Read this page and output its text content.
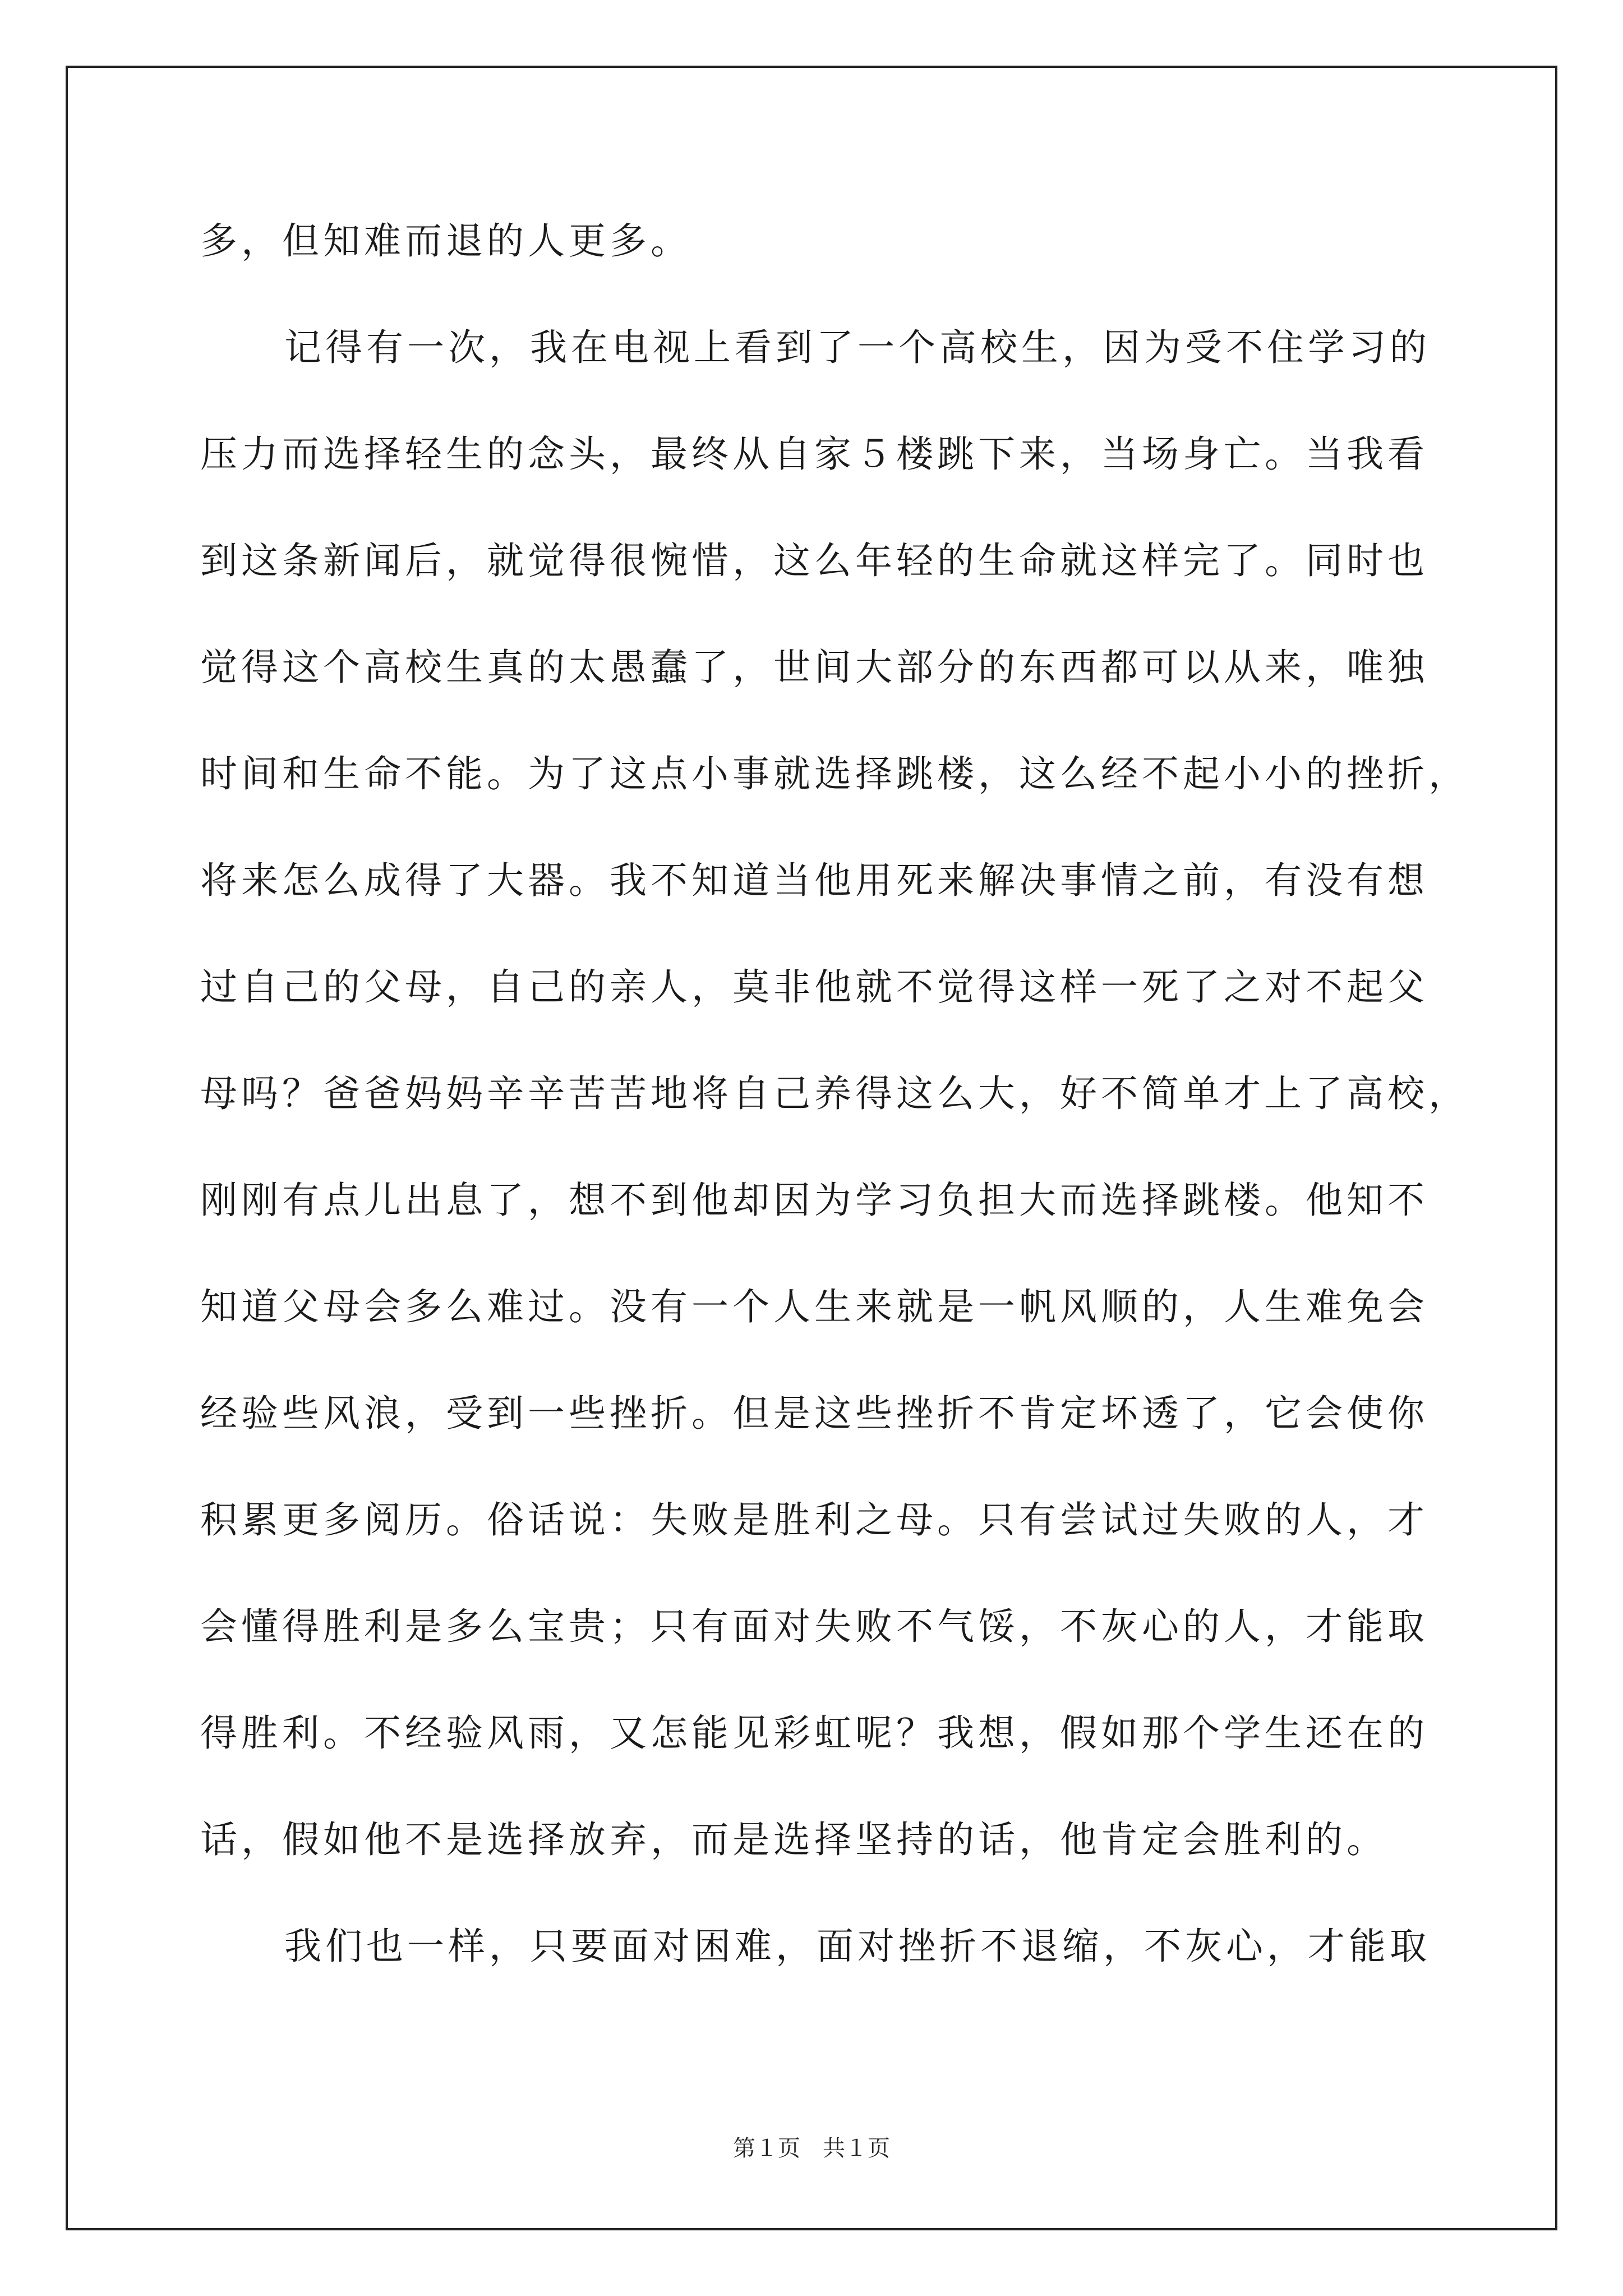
多，但知难而退的人更多。
记得有一次，我在电视上看到了一个高校生，因为受不住学习的
压力而选择轻生的念头，最终从自家５楼跳下来，当场身亡。当我看
到这条新闻后，就觉得很惋惜，这么年轻的生命就这样完了。同时也
觉得这个高校生真的太愚蠢了，世间大部分的东西都可以从来，唯独
时间和生命不能。为了这点小事就选择跳楼，这么经不起小小的挫折，
将来怎么成得了大器。我不知道当他用死来解决事情之前，有没有想
过自己的父母，自己的亲人，莫非他就不觉得这样一死了之对不起父
母吗？爸爸妈妈辛辛苦苦地将自己养得这么大，好不简单才上了高校，
刚刚有点儿出息了，想不到他却因为学习负担大而选择跳楼。他知不
知道父母会多么难过。没有一个人生来就是一帆风顺的，人生难免会
经验些风浪，受到一些挫折。但是这些挫折不肯定坏透了，它会使你
积累更多阅历。俗话说：失败是胜利之母。只有尝试过失败的人，才
会懂得胜利是多么宝贵；只有面对失败不气馁，不灰心的人，才能取
得胜利。不经验风雨，又怎能见彩虹呢？我想，假如那个学生还在的
话，假如他不是选择放弃，而是选择坚持的话，他肯定会胜利的。
我们也一样，只要面对困难，面对挫折不退缩，不灰心，才能取
第１页 共１页
